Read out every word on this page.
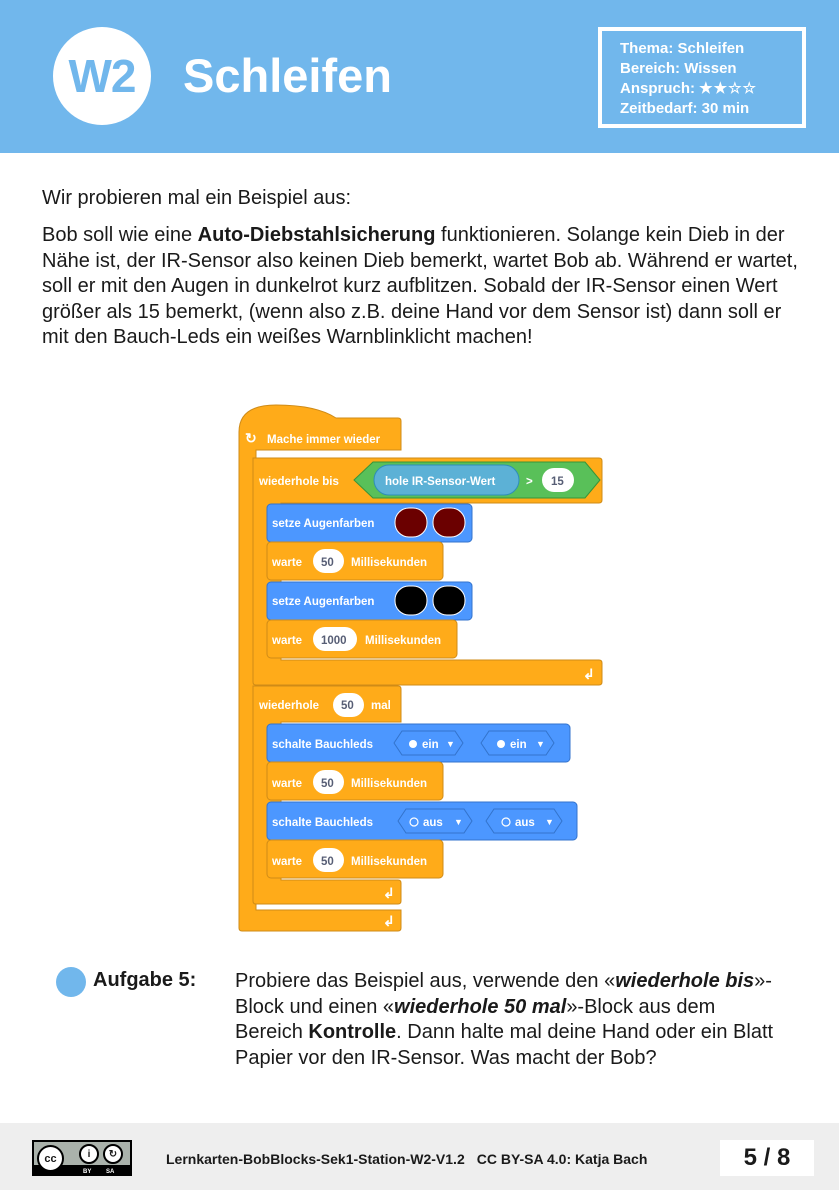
W2	Schleifen
Thema: Schleifen
Bereich: Wissen
Anspruch: ★★☆☆
Zeitbedarf: 30 min
Wir probieren mal ein Beispiel aus:
Bob soll wie eine Auto-Diebstahlsicherung funktionieren. Solange kein Dieb in der Nähe ist, der IR-Sensor also keinen Dieb bemerkt, wartet Bob ab. Während er wartet, soll er mit den Augen in dunkelrot kurz aufblitzen. Sobald der IR-Sensor einen Wert größer als 15 bemerkt, (wenn also z.B. deine Hand vor dem Sensor ist) dann soll er mit den Bauch-Leds ein weißes Warnblinklicht machen!
↻ Mache immer wieder
↲
wiederhole bis	hole IR-Sensor-Wert	> 15
↲
setze Augenfarben
warte 50 Millisekunden
setze Augenfarben
warte 1000 Millisekunden
wiederhole 50 mal
↲
schalte Bauchleds	ein ▼	ein ▼
warte 50 Millisekunden
schalte Bauchleds	aus ▼	aus ▼
warte 50 Millisekunden
Aufgabe 5: Probiere das Beispiel aus, verwende den «wiederhole bis»-Block und einen «wiederhole 50 mal»-Block aus dem Bereich Kontrolle. Dann halte mal deine Hand oder ein Blatt Papier vor den IR-Sensor. Was macht der Bob?
cc	i	↻
BY SA
Lernkarten-BobBlocks-Sek1-Station-W2-V1.2 CC BY-SA 4.0: Katja Bach	5 / 8
